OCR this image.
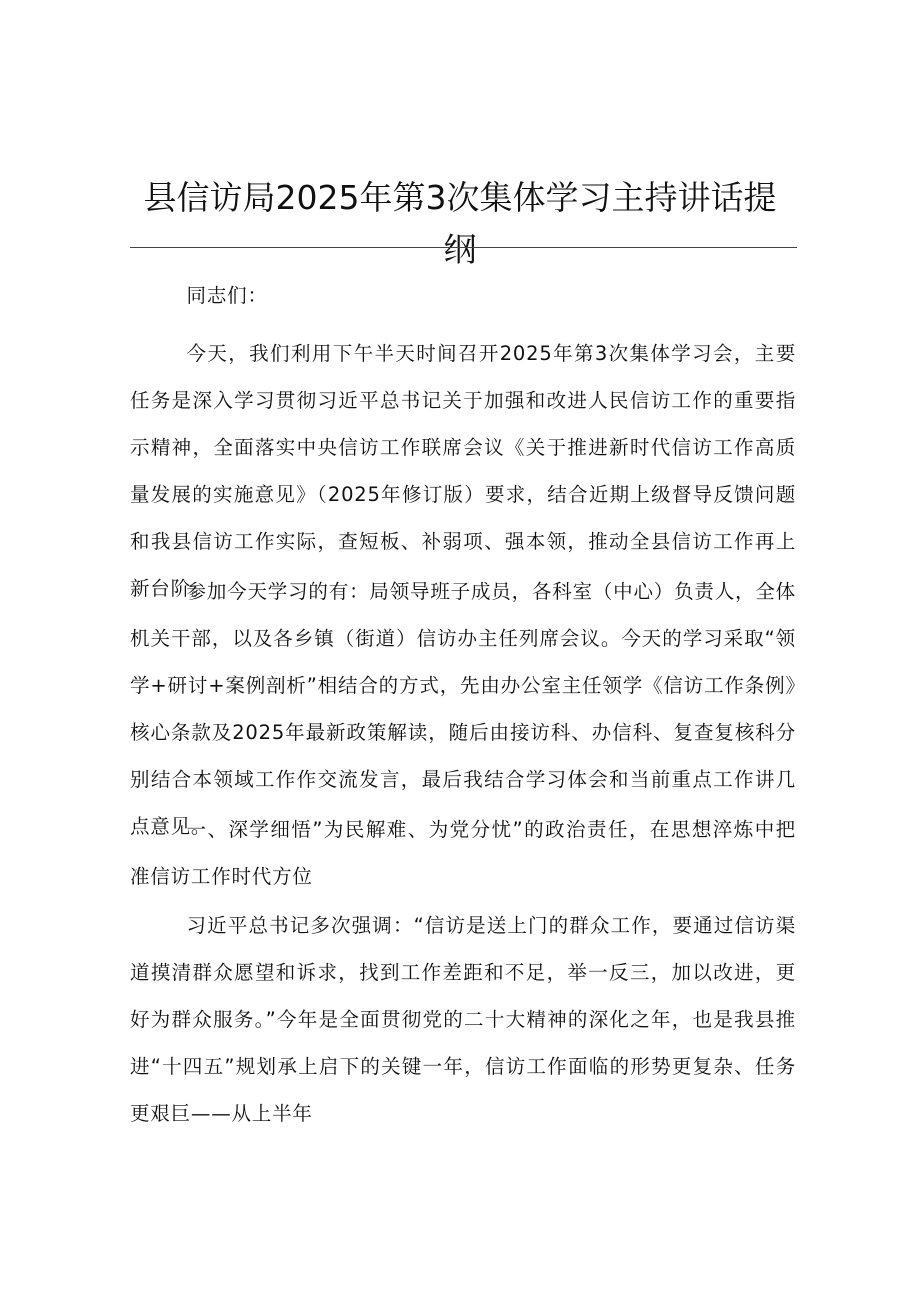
县信访局2025年第3次集体学习主持讲话提
纲

同志们：

今天，我们利用下午半天时间召开2025年第3次集体学习会，主要任务是深入学习贯彻习近平总书记关于加强和改进人民信访工作的重要指示精神，全面落实中央信访工作联席会议《关于推进新时代信访工作高质量发展的实施意见》（2025年修订版）要求，结合近期上级督导反馈问题和我县信访工作实际，查短板、补弱项、强本领，推动全县信访工作再上新台阶。

参加今天学习的有：局领导班子成员，各科室（中心）负责人，全体机关干部，以及各乡镇（街道）信访办主任列席会议。今天的学习采取“领学+研讨+案例剖析”相结合的方式，先由办公室主任领学《信访工作条例》核心条款及2025年最新政策解读，随后由接访科、办信科、复查复核科分别结合本领域工作作交流发言，最后我结合学习体会和当前重点工作讲几点意见。

一、深学细悟”为民解难、为党分忧”的政治责任，在思想淬炼中把准信访工作时代方位

习近平总书记多次强调：“信访是送上门的群众工作，要通过信访渠道摸清群众愿望和诉求，找到工作差距和不足，举一反三，加以改进，更好为群众服务。”今年是全面贯彻党的二十大精神的深化之年，也是我县推进“十四五”规划承上启下的关键一年，信访工作面临的形势更复杂、任务更艰巨——从上半年
